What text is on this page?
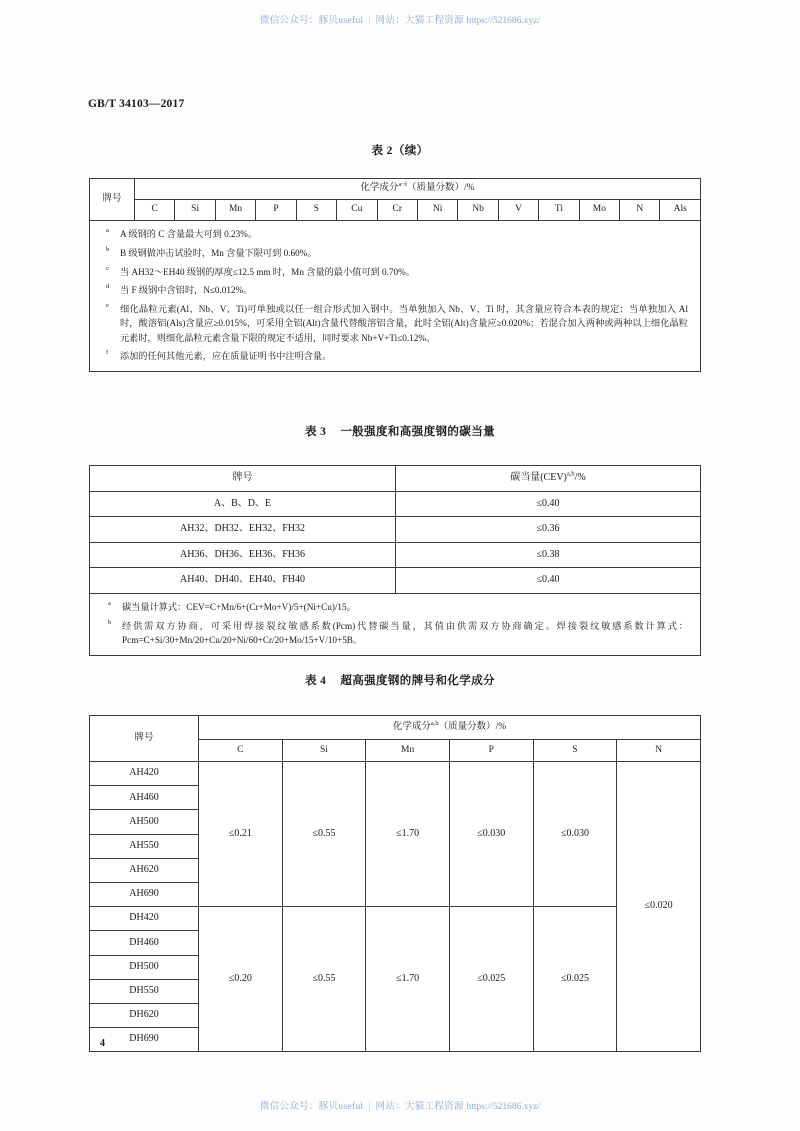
微信公众号：豚贝useful | 网站：大猫工程资源 https://521686.xyz/
GB/T 34103—2017
表 2（续）
牌号	化学成分$^{a\sim f}$（质量分数）/%													
	C	Si	Mn	P	S	Cu	Cr	Ni	Nb	V	Ti	Mo	N	Als

a A 级钢的 C 含量最大可到 0.23%。
b B 级钢做冲击试验时，Mn 含量下限可到 0.60%。
c 当 AH32～EH40 级钢的厚度≤12.5 mm 时，Mn 含量的最小值可到 0.70%。
d 当 F 级钢中含铝时，N≤0.012%。
e 细化晶粒元素(Al、Nb、V、Ti)可单独或以任一组合形式加入钢中。当单独加入 Nb、V、Ti 时，其含量应符合本表的规定；当单独加入 Al 时，酸溶铝(Als)含量应≥0.015%，可采用全铝(Alt)含量代替酸溶铝含量，此时全铝(Alt)含量应≥0.020%；若混合加入两种或两种以上细化晶粒元素时，则细化晶粒元素含量下限的规定不适用，同时要求 Nb+V+Ti≤0.12%。
f 添加的任何其他元素，应在质量证明书中注明含量。
表 3 一般强度和高强度钢的碳当量
牌号	碳当量(CEV)$^{a,b}$/%
A、B、D、E	≤0.40
AH32、DH32、EH32、FH32	≤0.36
AH36、DH36、EH36、FH36	≤0.38
AH40、DH40、EH40、FH40	≤0.40

a 碳当量计算式：CEV=C+Mn/6+(Cr+Mo+V)/5+(Ni+Cu)/15。
b 经供需双方协商，可采用焊接裂纹敏感系数(Pcm)代替碳当量，其值由供需双方协商确定。焊接裂纹敏感系数计算式：Pcm=C+Si/30+Mn/20+Cu/20+Ni/60+Cr/20+Mo/15+V/10+5B。	
表 4 超高强度钢的牌号和化学成分
牌号	化学成分$^{a,b}$（质量分数）/%					
	C	Si	Mn	P	S	N
AH420	≤0.21	≤0.55	≤1.70	≤0.030	≤0.030	≤0.020
AH460						
AH500						
AH550						
AH620						
AH690						
DH420	≤0.20	≤0.55	≤1.70	≤0.025	≤0.025	
DH460						
DH500						
DH550						
DH620						
DH690						
4
微信公众号：豚贝useful | 网站：大猫工程资源 https://521686.xyz/
